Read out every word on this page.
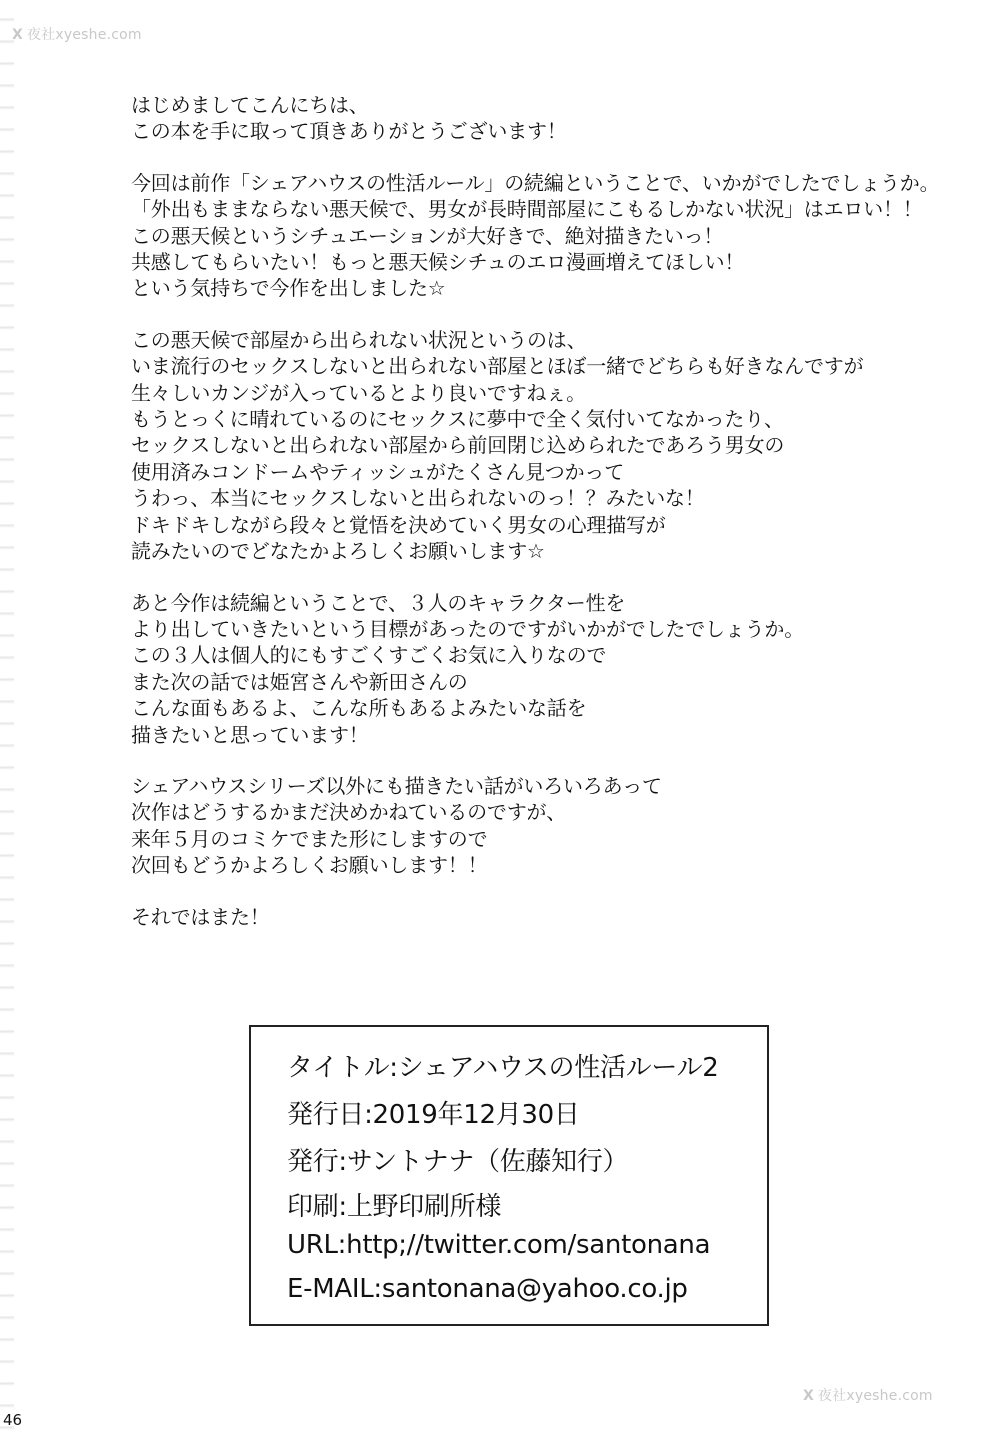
X 夜社xyeshe.com
はじめましてこんにちは、
この本を手に取って頂きありがとうございます！
今回は前作「シェアハウスの性活ルール」の続編ということで、いかがでしたでしょうか。
「外出もままならない悪天候で、男女が長時間部屋にこもるしかない状況」はエロい！！
この悪天候というシチュエーションが大好きで、絶対描きたいっ！
共感してもらいたい！もっと悪天候シチュのエロ漫画増えてほしい！
という気持ちで今作を出しました☆
この悪天候で部屋から出られない状況というのは、
いま流行のセックスしないと出られない部屋とほぼ一緒でどちらも好きなんですが
生々しいカンジが入っているとより良いですねぇ。
もうとっくに晴れているのにセックスに夢中で全く気付いてなかったり、
セックスしないと出られない部屋から前回閉じ込められたであろう男女の
使用済みコンドームやティッシュがたくさん見つかって
うわっ、本当にセックスしないと出られないのっ！？みたいな！
ドキドキしながら段々と覚悟を決めていく男女の心理描写が
読みたいのでどなたかよろしくお願いします☆
あと今作は続編ということで、３人のキャラクター性を
より出していきたいという目標があったのですがいかがでしたでしょうか。
この３人は個人的にもすごくすごくお気に入りなので
また次の話では姫宮さんや新田さんの
こんな面もあるよ、こんな所もあるよみたいな話を
描きたいと思っています！
シェアハウスシリーズ以外にも描きたい話がいろいろあって
次作はどうするかまだ決めかねているのですが、
来年５月のコミケでまた形にしますので
次回もどうかよろしくお願いします！！
それではまた！
タイトル:シェアハウスの性活ルール2
発行日:2019年12月30日
発行:サントナナ（佐藤知行）
印刷:上野印刷所様
URL:http;//twitter.com/santonana
E-MAIL:santonana@yahoo.co.jp
X 夜社xyeshe.com
46
